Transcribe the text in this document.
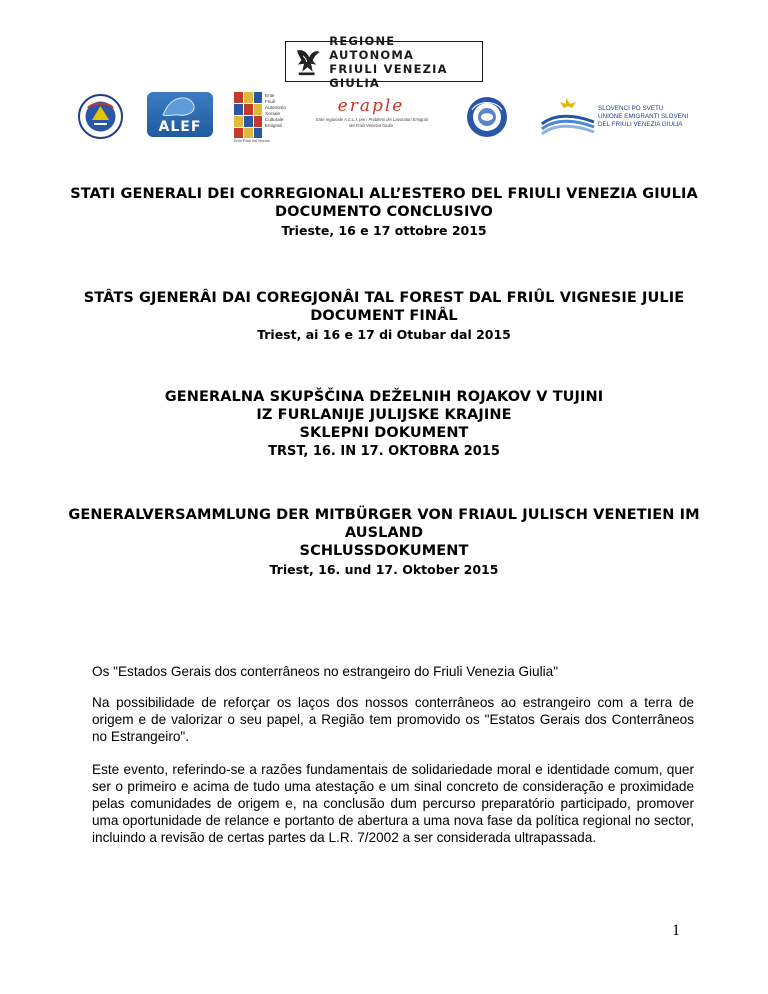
REGIONE AUTONOMA
FRIULI VENEZIA GIULIA
ALEF
Ente
Friuli
Autonomo
Sociale
Culturale
Emigrati
Ente Friuli nel Mondo
eraple
Ente regionale A.C.L.I. per i Problemi dei Lavoratori Emigrati
del Friuli Venezia Giulia
SLOVENCI PO SVETU
UNIONE EMIGRANTI SLOVENI
DEL FRIULI VENEZIA GIULIA
STATI GENERALI DEI CORREGIONALI ALL’ESTERO DEL FRIULI VENEZIA GIULIA
DOCUMENTO CONCLUSIVO
Trieste, 16 e 17 ottobre 2015
STÂTS GJENERÂI DAI COREGJONÂI TAL FOREST DAL FRIÛL VIGNESIE JULIE
DOCUMENT FINÂL
Triest, ai 16 e 17 di Otubar dal 2015
GENERALNA SKUPŠČINA DEŽELNIH ROJAKOV V TUJINI
IZ FURLANIJE JULIJSKE KRAJINE
SKLEPNI DOKUMENT
TRST, 16. IN 17. OKTOBRA 2015
GENERALVERSAMMLUNG DER MITBÜRGER VON FRIAUL JULISCH VENETIEN IM
AUSLAND
SCHLUSSDOKUMENT
Triest, 16. und 17. Oktober 2015

Os "Estados Gerais dos conterrâneos no estrangeiro do Friuli Venezia Giulia"

Na possibilidade de reforçar os laços dos nossos conterrâneos ao estrangeiro com a terra de origem e de valorizar o seu papel, a Região tem promovido os "Estatos Gerais dos Conterrâneos no Estrangeiro".

Este evento, referindo-se a razões fundamentais de solidariedade moral e identidade comum, quer ser o primeiro e acima de tudo uma atestação e um sinal concreto de consideração e proximidade pelas comunidades de origem e, na conclusão dum percurso preparatório participado, promover uma oportunidade de relance e portanto de abertura a uma nova fase da política regional no sector, incluindo a revisão de certas partes da L.R. 7/2002 a ser considerada ultrapassada.

1
